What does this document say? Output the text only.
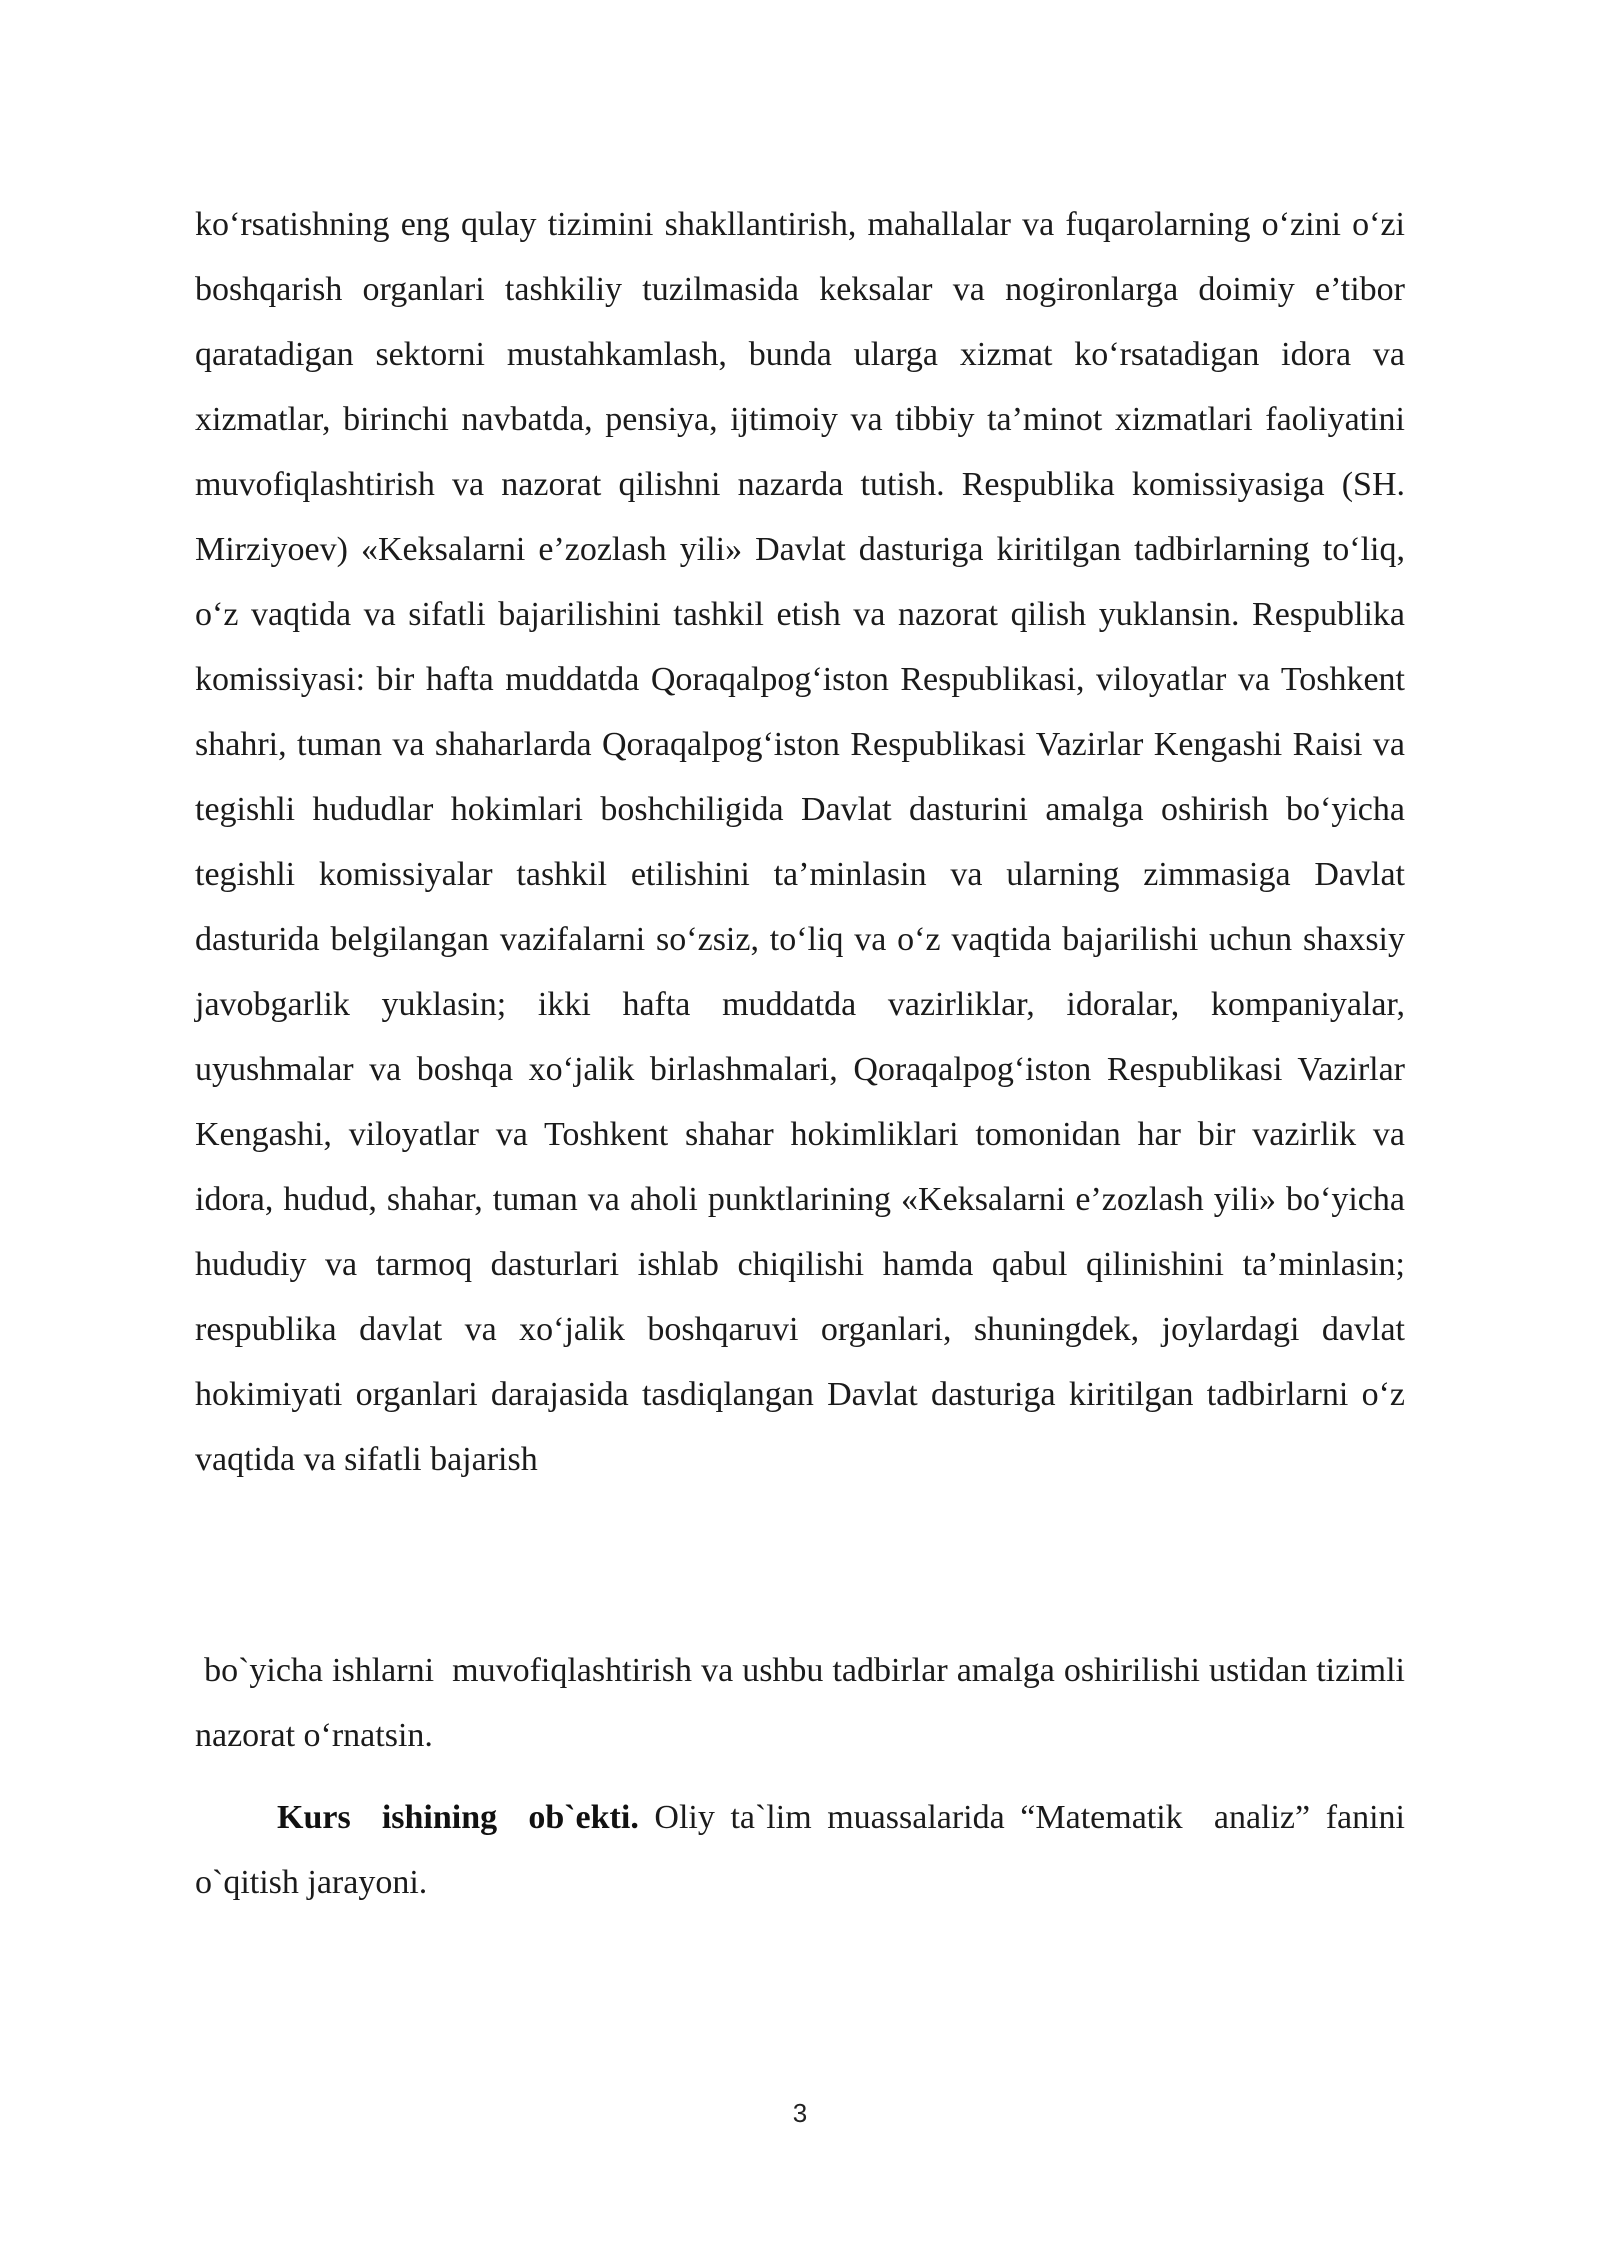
ko‘rsatishning eng qulay tizimini shakllantirish, mahallalar va fuqarolarning o‘zini o‘zi boshqarish organlari tashkiliy tuzilmasida keksalar va nogironlarga doimiy e’tibor qaratadigan sektorni mustahkamlash, bunda ularga xizmat ko‘rsatadigan idora va xizmatlar, birinchi navbatda, pensiya, ijtimoiy va tibbiy ta’minot xizmatlari faoliyatini muvofiqlashtirish va nazorat qilishni nazarda tutish. Respublika komissiyasiga (SH. Mirziyoev) «Keksalarni e’zozlash yili» Davlat dasturiga kiritilgan tadbirlarning to‘liq, o‘z vaqtida va sifatli bajarilishini tashkil etish va nazorat qilish yuklansin. Respublika komissiyasi: bir hafta muddatda Qoraqalpog‘iston Respublikasi, viloyatlar va Toshkent shahri, tuman va shaharlarda Qoraqalpog‘iston Respublikasi Vazirlar Kengashi Raisi va tegishli hududlar hokimlari boshchiligida Davlat dasturini amalga oshirish bo‘yicha tegishli komissiyalar tashkil etilishini ta’minlasin va ularning zimmasiga Davlat dasturida belgilangan vazifalarni so‘zsiz, to‘liq va o‘z vaqtida bajarilishi uchun shaxsiy javobgarlik yuklasin; ikki hafta muddatda vazirliklar, idoralar, kompaniyalar, uyushmalar va boshqa xo‘jalik birlashmalari, Qoraqalpog‘iston Respublikasi Vazirlar Kengashi, viloyatlar va Toshkent shahar hokimliklari tomonidan har bir vazirlik va idora, hudud, shahar, tuman va aholi punktlarining «Keksalarni e’zozlash yili» bo‘yicha hududiy va tarmoq dasturlari ishlab chiqilishi hamda qabul qilinishini ta’minlasin; respublika davlat va xo‘jalik boshqaruvi organlari, shuningdek, joylardagi davlat hokimiyati organlari darajasida tasdiqlangan Davlat dasturiga kiritilgan tadbirlarni o‘z vaqtida va sifatli bajarish

bo`yicha ishlarni  muvofiqlashtirish va ushbu tadbirlar amalga oshirilishi ustidan tizimli nazorat o‘rnatsin.

Kurs  ishining  ob`ekti. Oliy ta`lim muassalarida “Matematik  analiz” fanini o`qitish jarayoni.

3
